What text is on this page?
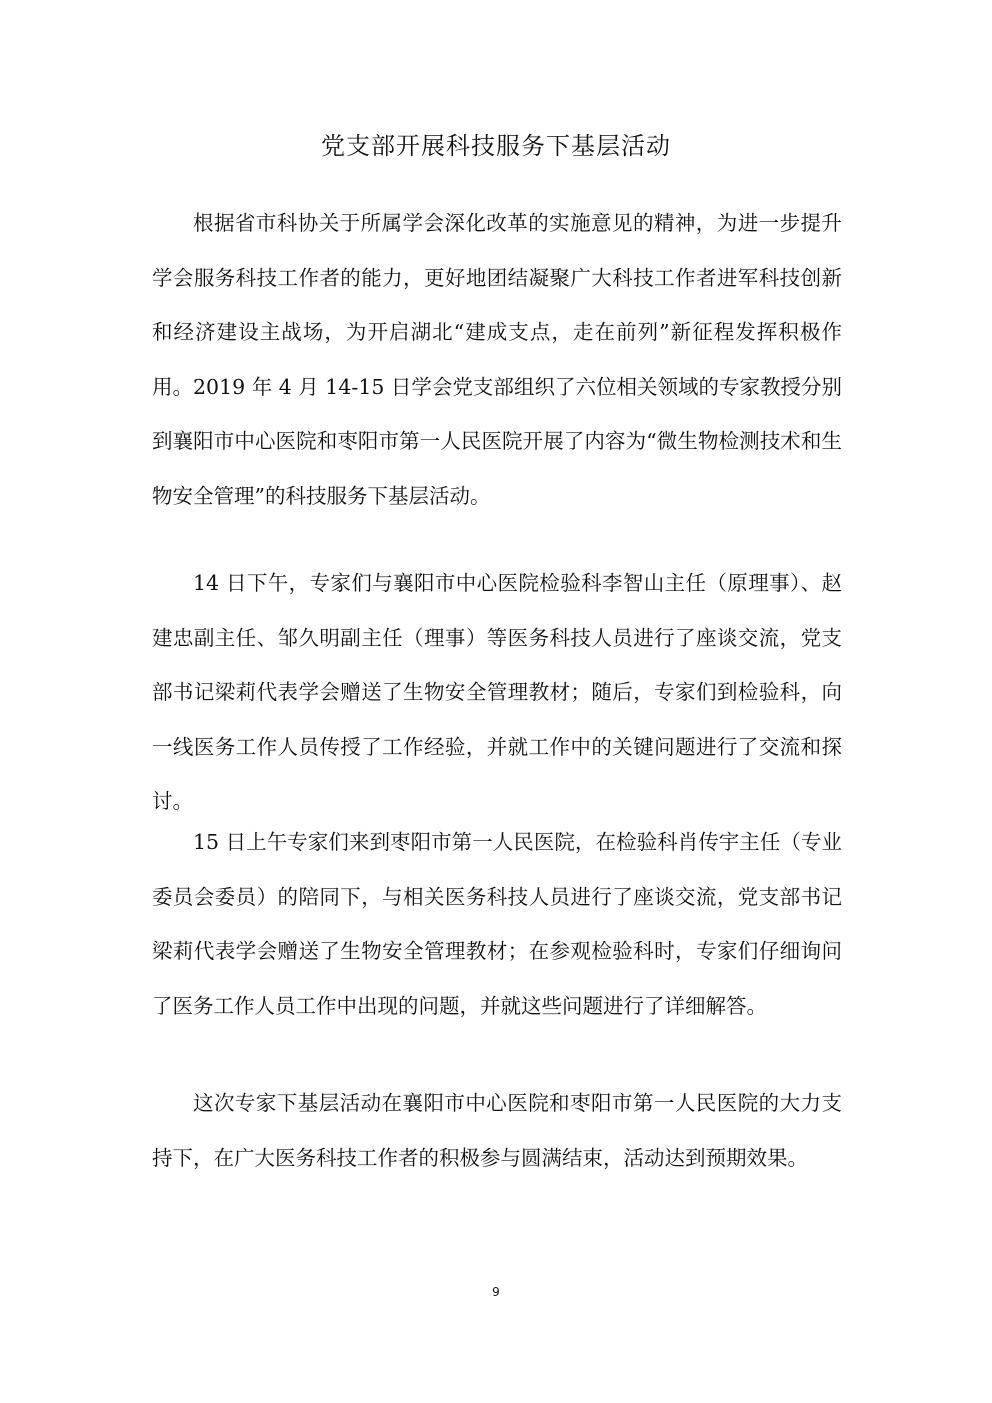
党支部开展科技服务下基层活动

根据省市科协关于所属学会深化改革的实施意见的精神，为进一步提升学会服务科技工作者的能力，更好地团结凝聚广大科技工作者进军科技创新和经济建设主战场，为开启湖北“建成支点，走在前列”新征程发挥积极作用。2019 年 4 月 14-15 日学会党支部组织了六位相关领域的专家教授分别到襄阳市中心医院和枣阳市第一人民医院开展了内容为“微生物检测技术和生物安全管理”的科技服务下基层活动。

14 日下午，专家们与襄阳市中心医院检验科李智山主任（原理事）、赵建忠副主任、邹久明副主任（理事）等医务科技人员进行了座谈交流，党支部书记梁莉代表学会赠送了生物安全管理教材；随后，专家们到检验科，向一线医务工作人员传授了工作经验，并就工作中的关键问题进行了交流和探讨。

15 日上午专家们来到枣阳市第一人民医院，在检验科肖传宇主任（专业委员会委员）的陪同下，与相关医务科技人员进行了座谈交流，党支部书记梁莉代表学会赠送了生物安全管理教材；在参观检验科时，专家们仔细询问了医务工作人员工作中出现的问题，并就这些问题进行了详细解答。

这次专家下基层活动在襄阳市中心医院和枣阳市第一人民医院的大力支持下，在广大医务科技工作者的积极参与圆满结束，活动达到预期效果。

9
